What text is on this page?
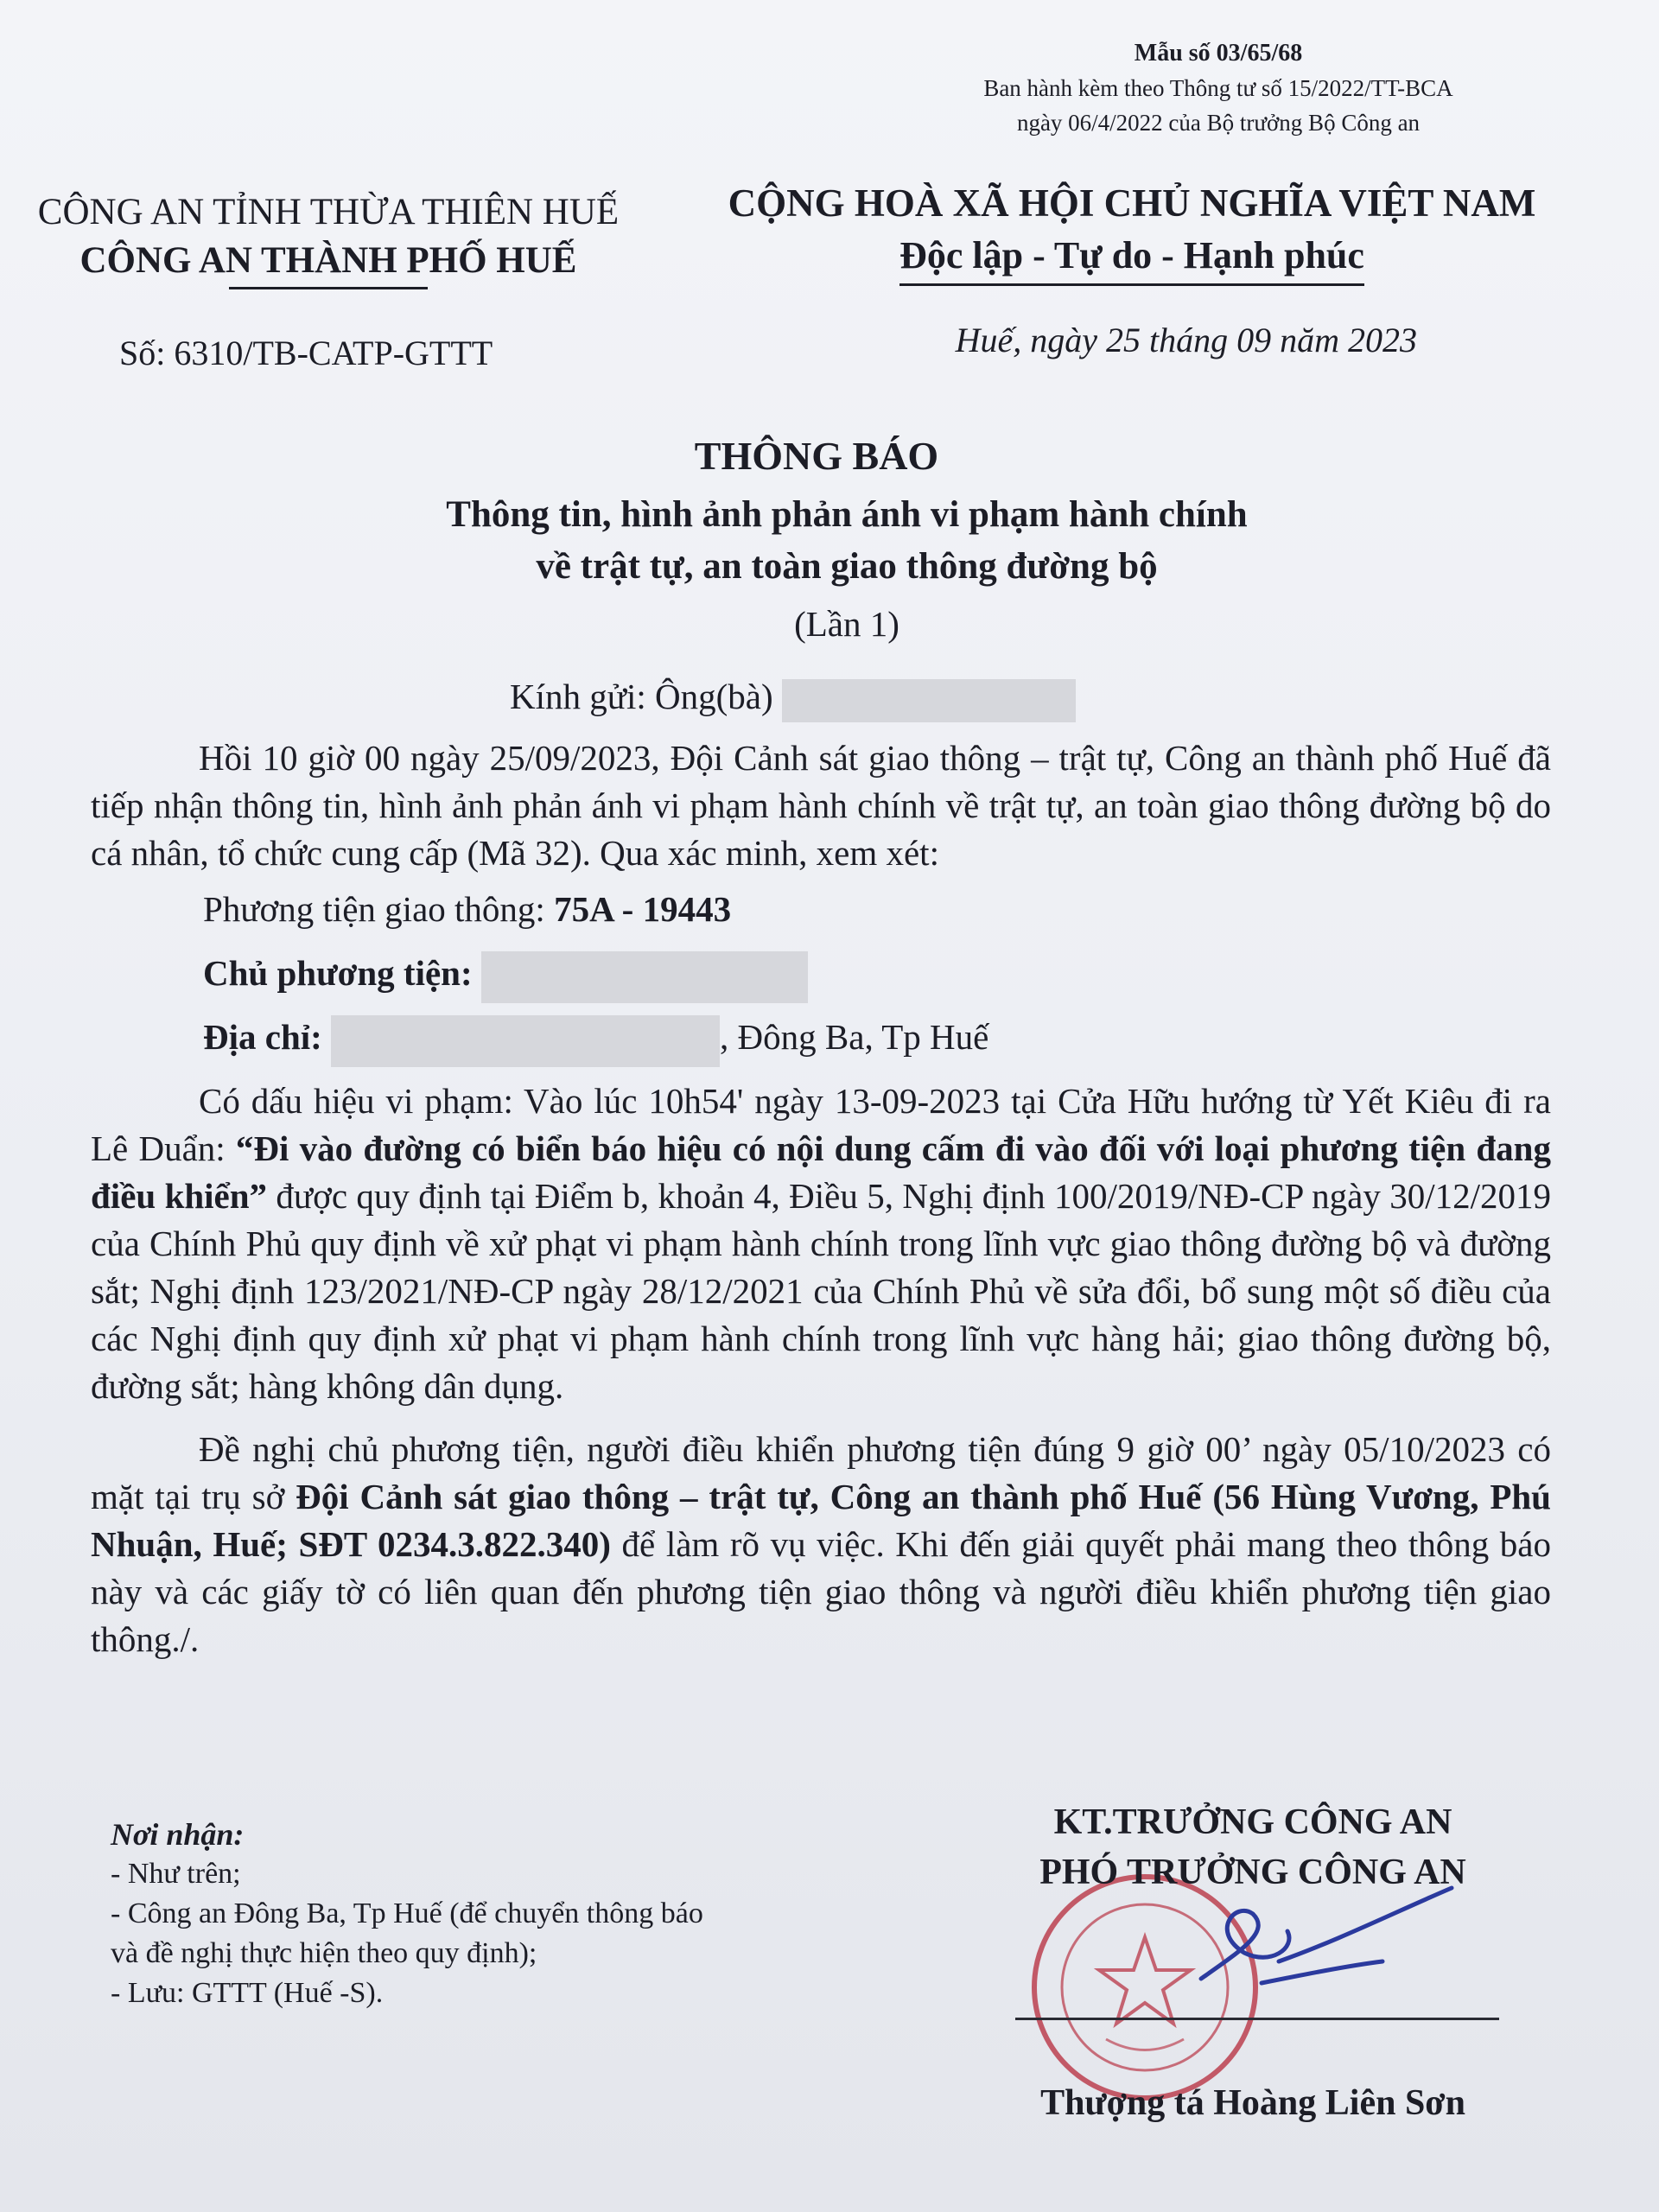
Mẫu số 03/65/68
Ban hành kèm theo Thông tư số 15/2022/TT-BCA
ngày 06/4/2022 của Bộ trưởng Bộ Công an
CÔNG AN TỈNH THỪA THIÊN HUẾ
CÔNG AN THÀNH PHỐ HUẾ
CỘNG HOÀ XÃ HỘI CHỦ NGHĨA VIỆT NAM
Độc lập - Tự do - Hạnh phúc
Số: 6310/TB-CATP-GTTT	Huế, ngày 25 tháng 09 năm 2023
THÔNG BÁO
Thông tin, hình ảnh phản ánh vi phạm hành chính
về trật tự, an toàn giao thông đường bộ
(Lần 1)
Kính gửi: Ông(bà)

Hồi 10 giờ 00 ngày 25/09/2023, Đội Cảnh sát giao thông – trật tự, Công an thành phố Huế đã tiếp nhận thông tin, hình ảnh phản ánh vi phạm hành chính về trật tự, an toàn giao thông đường bộ do cá nhân, tổ chức cung cấp (Mã 32). Qua xác minh, xem xét:

Phương tiện giao thông: 75A - 19443

Chủ phương tiện:

Địa chỉ:	, Đông Ba, Tp Huế

Có dấu hiệu vi phạm: Vào lúc 10h54' ngày 13-09-2023 tại Cửa Hữu hướng từ Yết Kiêu đi ra Lê Duẩn: “Đi vào đường có biển báo hiệu có nội dung cấm đi vào đối với loại phương tiện đang điều khiển” được quy định tại Điểm b, khoản 4, Điều 5, Nghị định 100/2019/NĐ-CP ngày 30/12/2019 của Chính Phủ quy định về xử phạt vi phạm hành chính trong lĩnh vực giao thông đường bộ và đường sắt; Nghị định 123/2021/NĐ-CP ngày 28/12/2021 của Chính Phủ về sửa đổi, bổ sung một số điều của các Nghị định quy định xử phạt vi phạm hành chính trong lĩnh vực hàng hải; giao thông đường bộ, đường sắt; hàng không dân dụng.

Đề nghị chủ phương tiện, người điều khiển phương tiện đúng 9 giờ 00’ ngày 05/10/2023 có mặt tại trụ sở Đội Cảnh sát giao thông – trật tự, Công an thành phố Huế (56 Hùng Vương, Phú Nhuận, Huế; SĐT 0234.3.822.340) để làm rõ vụ việc. Khi đến giải quyết phải mang theo thông báo này và các giấy tờ có liên quan đến phương tiện giao thông và người điều khiển phương tiện giao thông./.

Nơi nhận:
- Như trên;
- Công an Đông Ba, Tp Huế (để chuyển thông báo
và đề nghị thực hiện theo quy định);
- Lưu: GTTT (Huế -S).
KT.TRƯỞNG CÔNG AN
PHÓ TRƯỞNG CÔNG AN
Thượng tá Hoàng Liên Sơn
